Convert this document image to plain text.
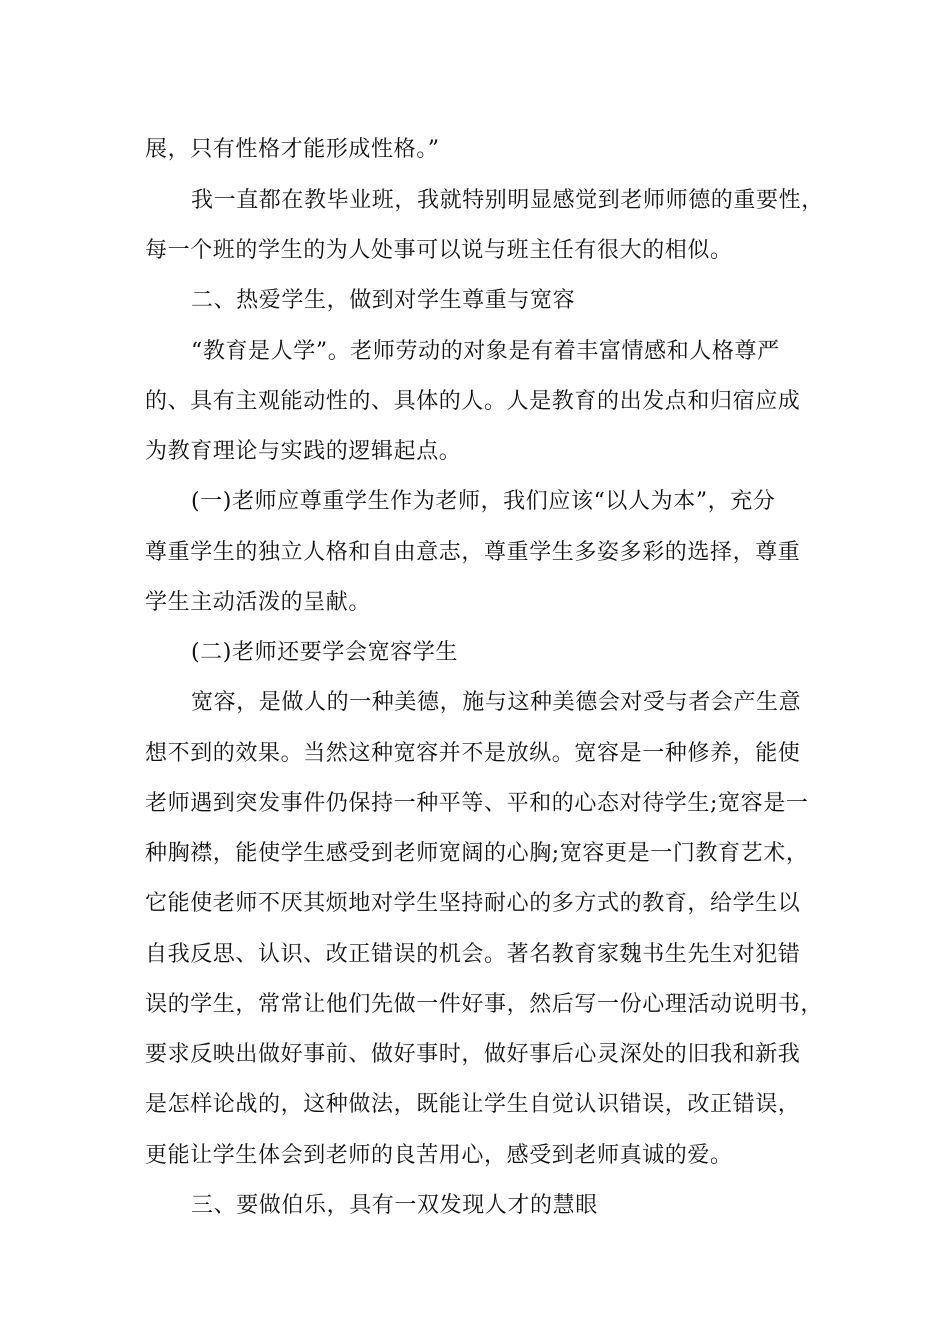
展，只有性格才能形成性格。”
我一直都在教毕业班，我就特别明显感觉到老师师德的重要性，
每一个班的学生的为人处事可以说与班主任有很大的相似。
二、热爱学生，做到对学生尊重与宽容
“教育是人学”。老师劳动的对象是有着丰富情感和人格尊严
的、具有主观能动性的、具体的人。人是教育的出发点和归宿应成
为教育理论与实践的逻辑起点。
(一)老师应尊重学生作为老师，我们应该“以人为本”，充分
尊重学生的独立人格和自由意志，尊重学生多姿多彩的选择，尊重
学生主动活泼的呈献。
(二)老师还要学会宽容学生
宽容，是做人的一种美德，施与这种美德会对受与者会产生意
想不到的效果。当然这种宽容并不是放纵。宽容是一种修养，能使
老师遇到突发事件仍保持一种平等、平和的心态对待学生;宽容是一
种胸襟，能使学生感受到老师宽阔的心胸;宽容更是一门教育艺术，
它能使老师不厌其烦地对学生坚持耐心的多方式的教育，给学生以
自我反思、认识、改正错误的机会。著名教育家魏书生先生对犯错
误的学生，常常让他们先做一件好事，然后写一份心理活动说明书，
要求反映出做好事前、做好事时，做好事后心灵深处的旧我和新我
是怎样论战的，这种做法，既能让学生自觉认识错误，改正错误，
更能让学生体会到老师的良苦用心，感受到老师真诚的爱。
三、要做伯乐，具有一双发现人才的慧眼
